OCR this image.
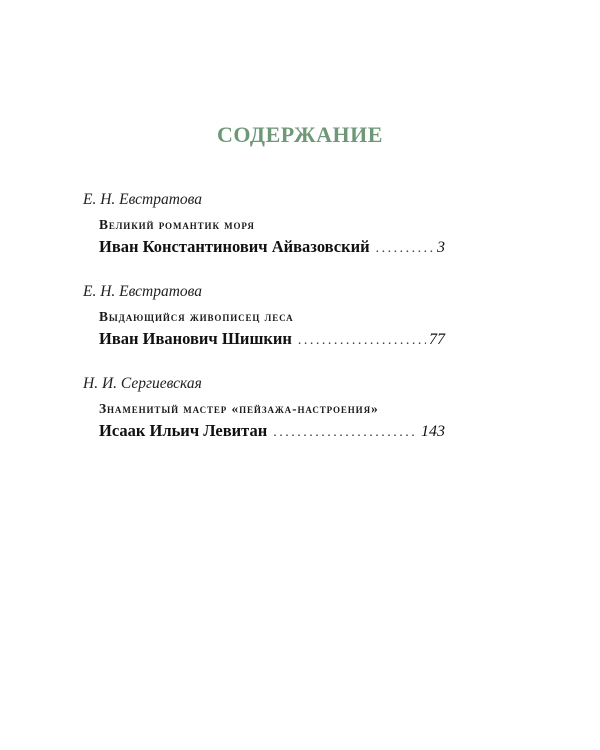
СОДЕРЖАНИЕ
Е. Н. Евстратова
Великий романтик моря
Иван Константинович Айвазовский . . .	3
Е. Н. Евстратова
Выдающийся живописец леса
Иван Иванович Шишкин . . .	77
Н. И. Сергиевская
Знаменитый мастер «пейзажа-настроения»
Исаак Ильич Левитан . . .	143
